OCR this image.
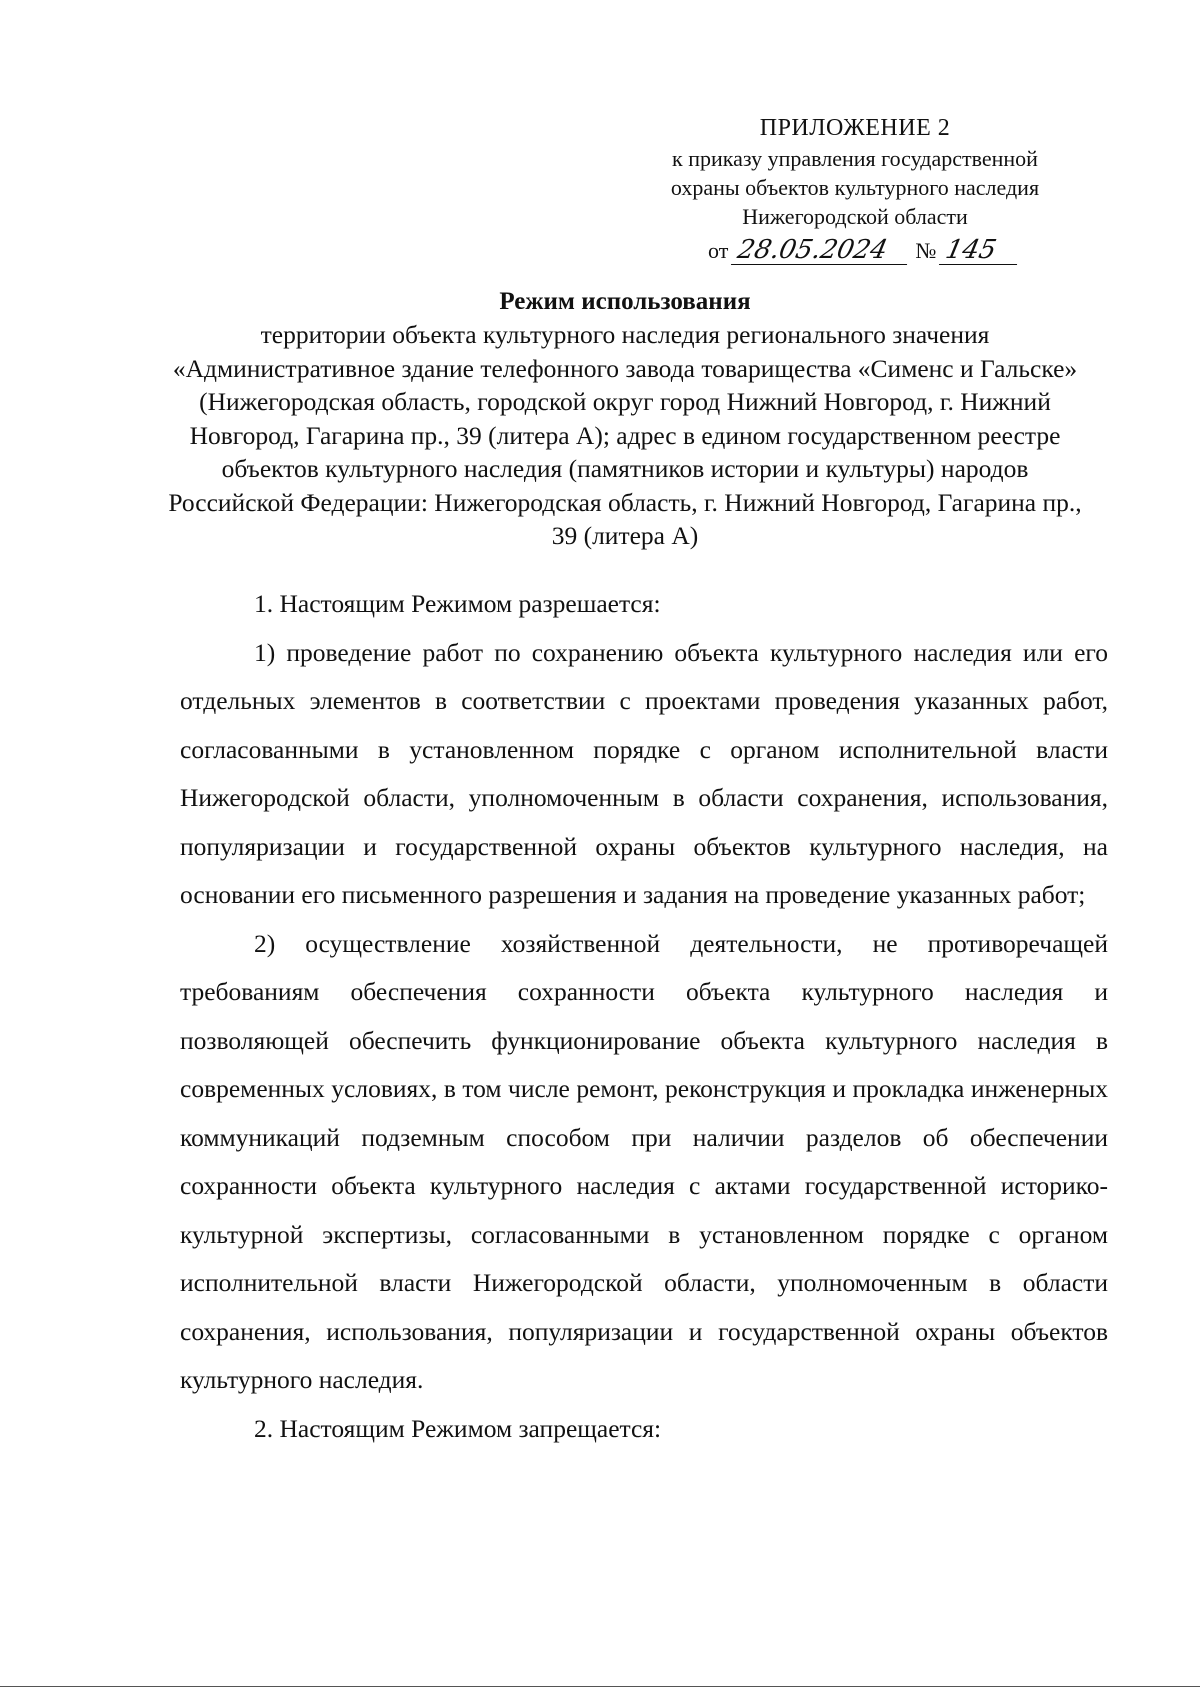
ПРИЛОЖЕНИЕ 2
к приказу управления государственной
охраны объектов культурного наследия
Нижегородской области
от 28.05.2024 № 145
Режим использования
территории объекта культурного наследия регионального значения «Административное здание телефонного завода товарищества «Сименс и Гальске» (Нижегородская область, городской округ город Нижний Новгород, г. Нижний Новгород, Гагарина пр., 39 (литера А); адрес в едином государственном реестре объектов культурного наследия (памятников истории и культуры) народов Российской Федерации: Нижегородская область, г. Нижний Новгород, Гагарина пр., 39 (литера А)

1. Настоящим Режимом разрешается:

1) проведение работ по сохранению объекта культурного наследия или его отдельных элементов в соответствии с проектами проведения указанных работ, согласованными в установленном порядке с органом исполнительной власти Нижегородской области, уполномоченным в области сохранения, использования, популяризации и государственной охраны объектов культурного наследия, на основании его письменного разрешения и задания на проведение указанных работ;

2) осуществление хозяйственной деятельности, не противоречащей требованиям обеспечения сохранности объекта культурного наследия и позволяющей обеспечить функционирование объекта культурного наследия в современных условиях, в том числе ремонт, реконструкция и прокладка инженерных коммуникаций подземным способом при наличии разделов об обеспечении сохранности объекта культурного наследия с актами государственной историко-культурной экспертизы, согласованными в установленном порядке с органом исполнительной власти Нижегородской области, уполномоченным в области сохранения, использования, популяризации и государственной охраны объектов культурного наследия.

2. Настоящим Режимом запрещается:
